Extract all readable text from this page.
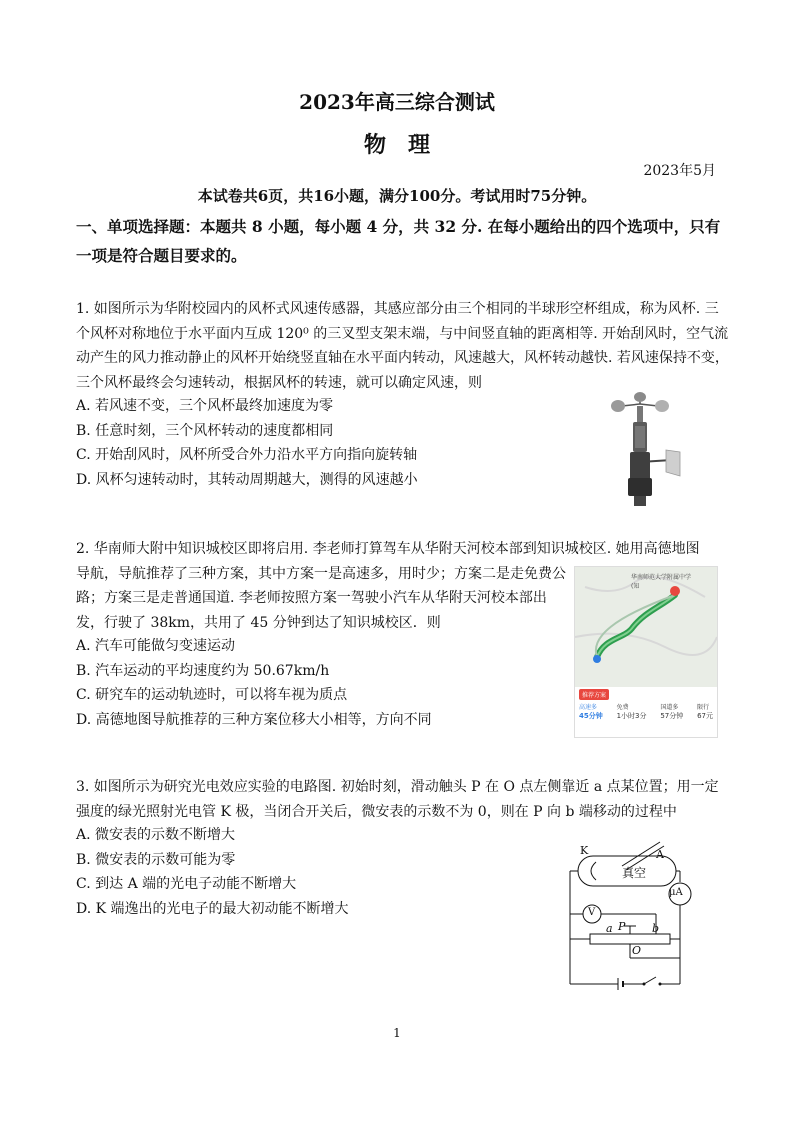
2023年高三综合测试
物理
2023年5月
本试卷共6页，共16小题，满分100分。考试用时75分钟。
一、单项选择题：本题共 8 小题，每小题 4 分，共 32 分. 在每小题给出的四个选项中，只有
一项是符合题目要求的。
1. 如图所示为华附校园内的风杯式风速传感器，其感应部分由三个相同的半球形空杯组成，称为风杯. 三
个风杯对称地位于水平面内互成 120⁰ 的三叉型支架末端，与中间竖直轴的距离相等. 开始刮风时，空气流
动产生的风力推动静止的风杯开始绕竖直轴在水平面内转动，风速越大，风杯转动越快. 若风速保持不变，
三个风杯最终会匀速转动，根据风杯的转速，就可以确定风速，则
A. 若风速不变，三个风杯最终加速度为零
B. 任意时刻，三个风杯转动的速度都相同
C. 开始刮风时，风杯所受合外力沿水平方向指向旋转轴
D. 风杯匀速转动时，其转动周期越大，测得的风速越小
2. 华南师大附中知识城校区即将启用. 李老师打算驾车从华附天河校本部到知识城校区. 她用高德地图
导航，导航推荐了三种方案，其中方案一是高速多，用时少；方案二是走免费公
路；方案三是走普通国道. 李老师按照方案一驾驶小汽车从华附天河校本部出
发，行驶了 38km，共用了 45 分钟到达了知识城校区．则
A. 汽车可能做匀变速运动
B. 汽车运动的平均速度约为 50.67km/h
C. 研究车的运动轨迹时，可以将车视为质点
D. 高德地图导航推荐的三种方案位移大小相等，方向不同
华南师范大学附属中学(知
推荐方案
高速多
45分钟
免费
1小时3分
国道多
57分钟
限行
67元
3. 如图所示为研究光电效应实验的电路图. 初始时刻，滑动触头 P 在 O 点左侧靠近 a 点某位置；用一定
强度的绿光照射光电管 K 极，当闭合开关后，微安表的示数不为 0，则在 P 向 b 端移动的过程中
A. 微安表的示数不断增大
B. 微安表的示数可能为零
C. 到达 A 端的光电子动能不断增大
D. K 端逸出的光电子的最大初动能不断增大
K	A
真空
μA
V
a P b
O
1
